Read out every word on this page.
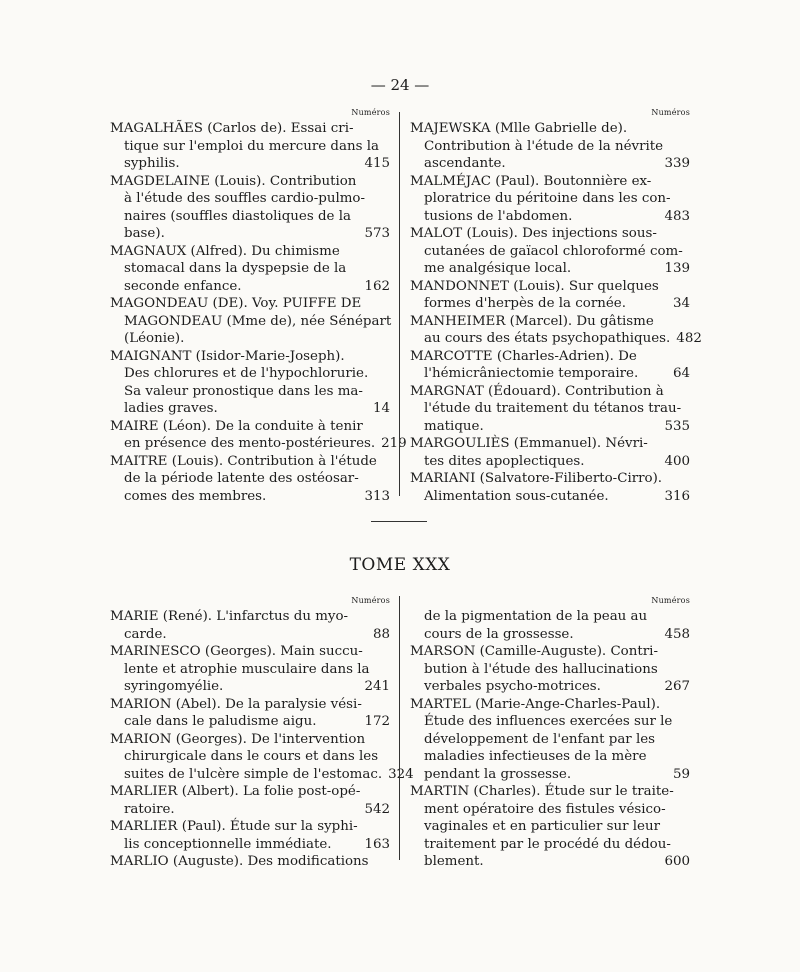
— 24 —
Numéros
MAGALHÃES (Carlos de). Essai cri-
tique sur l'emploi du mercure dans la
syphilis.	415
MAGDELAINE (Louis). Contribution
à l'étude des souffles cardio-pulmo-
naires (souffles diastoliques de la
base).	573
MAGNAUX (Alfred). Du chimisme
stomacal dans la dyspepsie de la
seconde enfance.	162
MAGONDEAU (DE). Voy. PUIFFE DE
MAGONDEAU (Mme de), née Sénépart
(Léonie).
MAIGNANT (Isidor-Marie-Joseph).
Des chlorures et de l'hypochlorurie.
Sa valeur pronostique dans les ma-
ladies graves.	14
MAIRE (Léon). De la conduite à tenir
en présence des mento-postérieures. 219
MAITRE (Louis). Contribution à l'étude
de la période latente des ostéosar-
comes des membres.	313
Numéros
MAJEWSKA (Mlle Gabrielle de).
Contribution à l'étude de la névrite
ascendante.	339
MALMÉJAC (Paul). Boutonnière ex-
ploratrice du péritoine dans les con-
tusions de l'abdomen.	483
MALOT (Louis). Des injections sous-
cutanées de gaïacol chloroformé com-
me analgésique local.	139
MANDONNET (Louis). Sur quelques
formes d'herpès de la cornée.	34
MANHEIMER (Marcel). Du gâtisme
au cours des états psychopathiques. 482
MARCOTTE (Charles-Adrien). De
l'hémicrâniectomie temporaire.	64
MARGNAT (Édouard). Contribution à
l'étude du traitement du tétanos trau-
matique.	535
MARGOULIÈS (Emmanuel). Névri-
tes dites apoplectiques.	400
MARIANI (Salvatore-Filiberto-Cirro).
Alimentation sous-cutanée.	316
TOME XXX
Numéros
MARIE (René). L'infarctus du myo-
carde.	88
MARINESCO (Georges). Main succu-
lente et atrophie musculaire dans la
syringomyélie.	241
MARION (Abel). De la paralysie vési-
cale dans le paludisme aigu.	172
MARION (Georges). De l'intervention
chirurgicale dans le cours et dans les
suites de l'ulcère simple de l'estomac. 324
MARLIER (Albert). La folie post-opé-
ratoire.	542
MARLIER (Paul). Étude sur la syphi-
lis conceptionnelle immédiate.	163
MARLIO (Auguste). Des modifications
Numéros
de la pigmentation de la peau au
cours de la grossesse.	458
MARSON (Camille-Auguste). Contri-
bution à l'étude des hallucinations
verbales psycho-motrices.	267
MARTEL (Marie-Ange-Charles-Paul).
Étude des influences exercées sur le
développement de l'enfant par les
maladies infectieuses de la mère
pendant la grossesse.	59
MARTIN (Charles). Étude sur le traite-
ment opératoire des fistules vésico-
vaginales et en particulier sur leur
traitement par le procédé du dédou-
blement.	600
